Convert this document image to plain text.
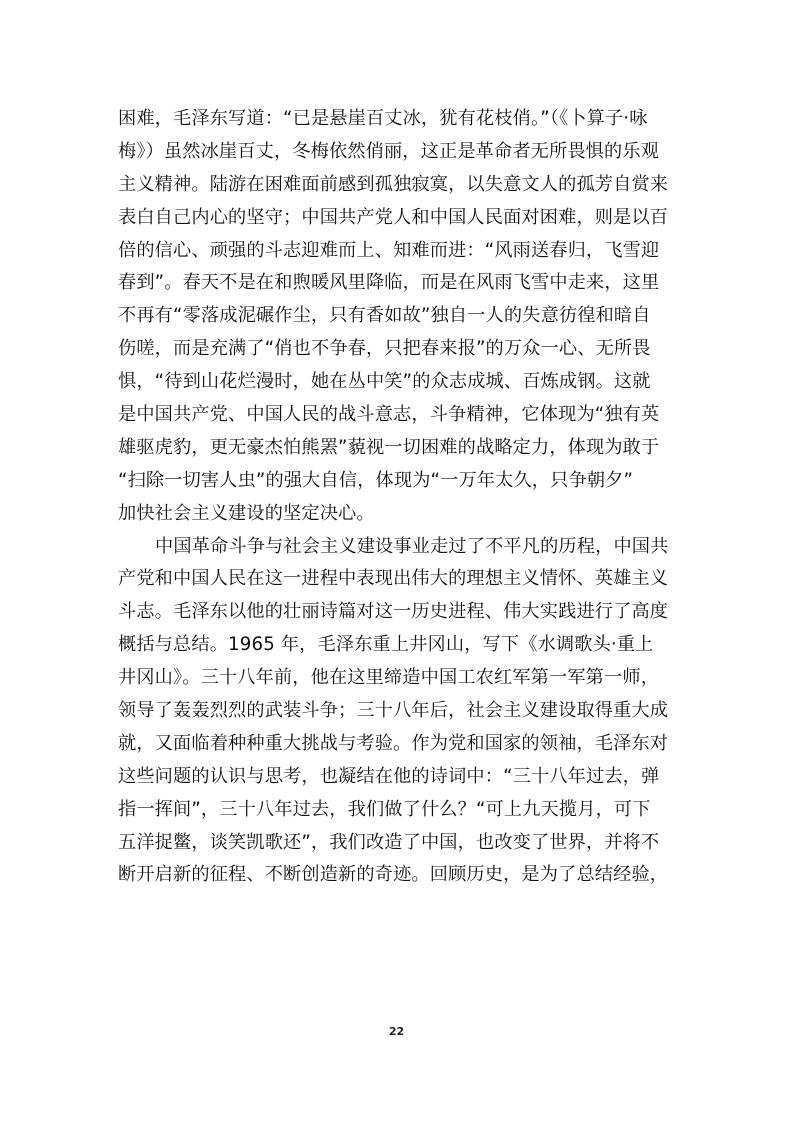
困难，毛泽东写道：“已是悬崖百丈冰，犹有花枝俏。”（《卜算子·咏
梅》）虽然冰崖百丈，冬梅依然俏丽，这正是革命者无所畏惧的乐观
主义精神。陆游在困难面前感到孤独寂寞，以失意文人的孤芳自赏来
表白自己内心的坚守；中国共产党人和中国人民面对困难，则是以百
倍的信心、顽强的斗志迎难而上、知难而进：“风雨送春归，飞雪迎
春到”。春天不是在和煦暖风里降临，而是在风雨飞雪中走来，这里
不再有“零落成泥碾作尘，只有香如故”独自一人的失意彷徨和暗自
伤嗟，而是充满了“俏也不争春，只把春来报”的万众一心、无所畏
惧，“待到山花烂漫时，她在丛中笑”的众志成城、百炼成钢。这就
是中国共产党、中国人民的战斗意志，斗争精神，它体现为“独有英
雄驱虎豹，更无豪杰怕熊罴”藐视一切困难的战略定力，体现为敢于
“扫除一切害人虫”的强大自信，体现为“一万年太久，只争朝夕”
加快社会主义建设的坚定决心。
中国革命斗争与社会主义建设事业走过了不平凡的历程，中国共
产党和中国人民在这一进程中表现出伟大的理想主义情怀、英雄主义
斗志。毛泽东以他的壮丽诗篇对这一历史进程、伟大实践进行了高度
概括与总结。1965 年，毛泽东重上井冈山，写下《水调歌头·重上
井冈山》。三十八年前，他在这里缔造中国工农红军第一军第一师，
领导了轰轰烈烈的武装斗争；三十八年后，社会主义建设取得重大成
就，又面临着种种重大挑战与考验。作为党和国家的领袖，毛泽东对
这些问题的认识与思考，也凝结在他的诗词中：“三十八年过去，弹
指一挥间”，三十八年过去，我们做了什么？“可上九天揽月，可下
五洋捉鳖，谈笑凯歌还”，我们改造了中国，也改变了世界，并将不
断开启新的征程、不断创造新的奇迹。回顾历史，是为了总结经验，
22
